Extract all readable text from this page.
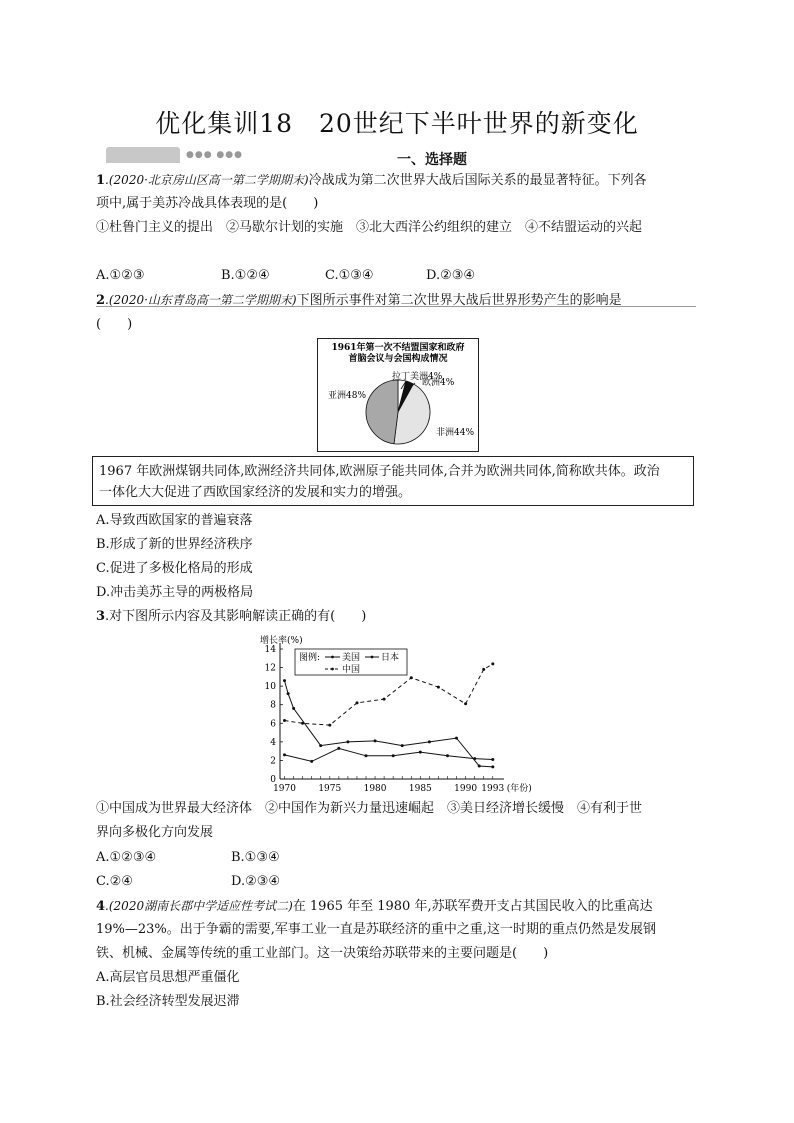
优化集训18　20世纪下半叶世界的新变化
●●● ●●●	一、选择题
1.(2020·北京房山区高一第二学期期末)冷战成为第二次世界大战后国际关系的最显著特征。下列各
项中,属于美苏冷战具体表现的是(　　)
①杜鲁门主义的提出　②马歇尔计划的实施　③北大西洋公约组织的建立　④不结盟运动的兴起
A.①②③	B.①②④	C.①③④	D.②③④
2.(2020·山东青岛高一第二学期期末)下图所示事件对第二次世界大战后世界形势产生的影响是
(　　)
1961年第一次不结盟国家和政府
首脑会议与会国构成情况
拉丁美洲4%
欧洲4%
非洲44%
亚洲48%
1967 年欧洲煤钢共同体,欧洲经济共同体,欧洲原子能共同体,合并为欧洲共同体,简称欧共体。政治
一体化大大促进了西欧国家经济的发展和实力的增强。
A.导致西欧国家的普遍衰落
B.形成了新的世界经济秩序
C.促进了多极化格局的形成
D.冲击美苏主导的两极格局
3.对下图所示内容及其影响解读正确的有(　　)
增长率(%)
0
2
4
6
8
10
12
14
1970 1975 1980 1985 1990 1993 (年份)
图例: 美国 日本
中国
①中国成为世界最大经济体　②中国作为新兴力量迅速崛起　③美日经济增长缓慢　④有利于世
界向多极化方向发展
A.①②③④	B.①③④
C.②④	D.②③④
4.(2020湖南长郡中学适应性考试二)在 1965 年至 1980 年,苏联军费开支占其国民收入的比重高达
19%—23%。出于争霸的需要,军事工业一直是苏联经济的重中之重,这一时期的重点仍然是发展钢
铁、机械、金属等传统的重工业部门。这一决策给苏联带来的主要问题是(　　)
A.高层官员思想严重僵化
B.社会经济转型发展迟滞
